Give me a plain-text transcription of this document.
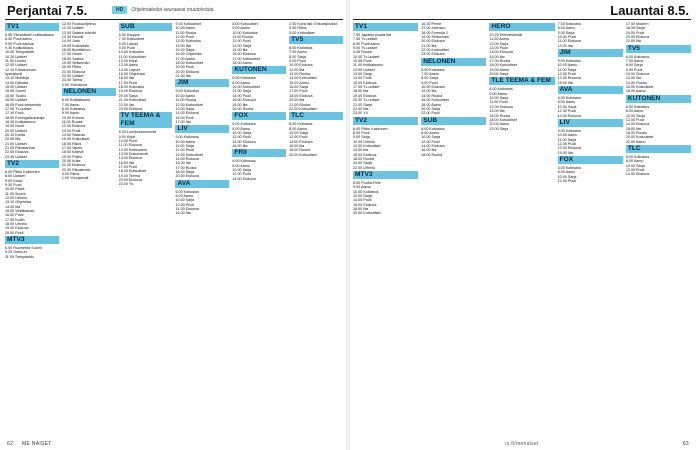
Perjantai 7.5.	HD	Ohjelmatiedot seuraavat muutoksista
TV1
5.55 Ylimmäinen uutiskatsaus
6.30 Puoli aamu
9.00 Puoli aamua
9.30 Kotikokkaus.
10.00 Tietopaketti
10.30 Uutiset
11.00 Luonto
12.00 Uutiset
12.10 Eduskunnan
kyselytunti
13.10 Muistoja
14.00 Elämää
15.00 Uutiset
15.05 Suomi
15.50 Tuokio
16.00 Uutiset
16.05 Puoli seitsemän
17.00 Tv-uutiset
17.10 Puoli
18.00 Kuningaskuluttaja
18.30 Kotikatsomo
19.00 Nuori
20.00 Uutiset
20.10 Kanta
20.55 Ilta
21.00 Uutiset
21.05 Rikostarinat
22.05 Elokuva
23.45 Uutiset
TV2
6.00 Pikku Kakkonen
8.00 Uutiset
9.00 Kausi
9.30 Puoli
10.00 Päivä
11.00 Suomi
12.00 Urheilu
13.10 Ohjelmaa
14.00 Ilta
15.00 Vinttikamari
16.00 Puoli
17.00 Kodin
18.00 Urheilu
19.00 Elokuva
20.00 Puoli
MTV3
6.00 Huomenta Suomi
9.20 Ostos-tv
11.00 Tietopankki
12.00 Ruokaohjelma
12.25 Uutiset
13.00 Salatut elämät
13.30 Kauniit
14.00 Juttu
15.00 Kotiosasto
16.00 Bumtsibum
17.00 Ostos
18.00 Salatut
19.00 Seitsemän
20.00 Pikku
21.00 Elokuva
22.00 Uutiset
23.00 Tarina
0.00 Yöelokuva
NELONEN
6.00 Kotikatsomo
7.00 Aamu
8.00 Kotiostos
9.00 Aamu
10.00 Kotona
11.00 Ruoka
12.00 Elokuva
13.00 Puoli
14.00 Salama
15.00 Kotiuutiset
16.00 Rikos
17.00 Vaimo
18.00 Kätevä
19.00 Poliisi
20.00 Kulta
21.00 Elokuva
22.30 Rikostiedot
0.00 Rikos
1.00 Yöohjelmat
SUB
6.00 Kauppa
7.00 Kotiuutiset
8.00 Lapset
9.00 Puoli
10.00 Kotiostos
11.00 Kotiuutiset
12.00 Kirjat
13.00 Aamu
14.00 Lapset
15.00 Ohjelmaa
16.00 Ilta
17.00 Puoli
18.00 Kotiostos
19.00 Elokuva
20.00 Sarja
21.00 Kotiuutiset
22.00 Ilta
23.00 Elokuva
TV TEEMA & FEM
8.00 Luontodokumentti
9.00 Kirjat
10.00 Puoli
11.00 Elokuva
12.00 Keskustelu
13.00 Dokumentti
14.00 Elokuva
16.00 Ilta
17.00 Puoli
18.00 Kotiuutiset
19.00 Teema
20.00 Elokuva
22.00 Yö
9.00 Kotiuutiset
10.00 Aamu
11.00 Ruoka
12.00 Puoli
13.00 Kotiostos
14.00 Ilta
15.00 Sarja
16.00 Ohjelmaa
17.00 Aamu
18.00 Kotiuutiset
19.00 Puoli
20.00 Elokuva
21.00 Ilta
JIM
9.00 Kotiostos
10.00 Aamu
11.00 Ruoka
12.00 Kotiuutiset
13.00 Sarja
14.00 Elokuva
16.00 Puoli
17.00 Ilta
LIV
9.00 Kotiostos
10.00 Aamu
11.00 Sarja
12.00 Puoli
13.00 Kotiuutiset
14.00 Elokuva
16.00 Ilta
17.00 Ruoka
18.00 Sarja
20.00 Elokuva
AVA
6.00 Kotiostos
8.00 Aamu
10.00 Sarja
12.00 Puoli
14.00 Elokuva
16.00 Ilta
8.00 Kotiuutiset
9.00 Aamu
10.00 Kotiostos
11.00 Ruoka
12.00 Puoli
13.00 Sarja
14.00 Ilta
15.00 Elokuva
17.00 Kotiuutiset
18.00 Aamu
KUTONEN
6.00 Kotiostos
8.00 Aamu
10.00 Kotiuutiset
12.00 Sarja
14.00 Puoli
16.00 Elokuva
18.00 Ilta
20.00 Ruoka
FOX
6.00 Kotiostos
8.00 Aamu
10.00 Sarja
12.00 Puoli
14.00 Elokuva
16.00 Ilta
FRII
6.00 Kotiostos
8.00 Aamu
10.00 Sarja
12.00 Puoli
14.00 Elokuva
2.50 Kova laki: Erikoisyksikkö
4.00 Rikos
5.00 Kotiuutiset
TV5
6.00 Kotiostos
7.00 Aamu
8.00 Sarja
9.00 Puoli
10.00 Elokuva
12.00 Ilta
13.00 Ruoka
14.00 Kotiuutiset
15.00 Aamu
16.00 Sarja
17.00 Puoli
18.00 Elokuva
20.00 Ilta
21.00 Ruoka
22.00 Kotiuutiset
TLC
6.00 Kotiostos
8.00 Aamu
10.00 Sarja
12.00 Puoli
14.00 Elokuva
16.00 Ilta
18.00 Ruoka
20.00 Kotiuutiset
62 ME NAISET
Lauantai 8.5.
TV1
7.00 Japanin puutarhat
7.55 Tv-uutiset
8.00 Puoli aamu
9.00 Tv-uutiset
9.05 Ruoka
10.00 Tv-uutiset
10.05 Puoli
11.00 Kotikatsomo
12.00 Uutiset
13.00 Sarja
14.00 Puoli
15.00 Elokuva
17.00 Tv-uutiset
18.00 Ilta
19.00 Elokuva
20.30 Tv-uutiset
21.00 Sarja
22.00 Ilta
23.00 Yö
TV2
6.00 Pikku Kakkonen
8.00 Puoli
9.00 Sarja
10.00 Urheilu
12.00 Kotiuutiset
14.00 Ilta
16.00 Elokuva
18.00 Ruoka
20.00 Sarja
22.00 Urheilu
MTV3
8.00 Puuha-Pete
9.00 Aamu
10.00 Kotiostos
12.00 Sarja
14.00 Puoli
16.00 Elokuva
18.00 Ilta
20.00 Kotiuutiset
16.30 Perhe
17.00 Joensuu
18.00 Formula 1
19.00 Seitsemän
20.00 Elokuva
21.00 Ilta
22.00 Kotiuutiset
23.00 Elokuva
NELONEN
6.00 Kotiostos
7.00 Aamu
8.00 Sarja
9.00 Puoli
10.00 Elokuva
12.00 Ilta
14.00 Ruoka
16.00 Kotiuutiset
18.00 Aamu
20.00 Sarja
22.00 Puoli
SUB
6.00 Kotiostos
8.00 Aamu
10.00 Sarja
12.00 Puoli
14.00 Elokuva
16.00 Ilta
18.00 Ruoka
HERO
10.25 Televiestinnät
11.00 Aamu
12.00 Sarja
13.00 Puoli
14.00 Elokuva
16.00 Ilta
17.00 Ruoka
18.00 Kotiuutiset
19.00 Aamu
20.00 Sarja
TLE TEEMA & FEM
8.00 Kotiostos
9.00 Aamu
10.00 Sarja
11.00 Puoli
12.00 Elokuva
14.00 Ilta
16.00 Ruoka
18.00 Kotiuutiset
20.00 Aamu
22.00 Sarja
7.00 Kotiostos
8.00 Aamu
9.00 Sarja
10.00 Puoli
11.00 Elokuva
13.00 Ilta
JIM
9.00 Kotiostos
10.00 Aamu
11.00 Sarja
12.00 Puoli
13.00 Elokuva
15.00 Ilta
AVA
6.00 Kotiostos
8.00 Aamu
10.00 Sarja
12.00 Puoli
14.00 Elokuva
LIV
9.00 Kotiostos
10.00 Aamu
11.00 Sarja
12.00 Puoli
13.00 Elokuva
15.00 Ilta
FOX
6.00 Kotiostos
8.00 Aamu
10.00 Sarja
12.00 Puoli
17.00 Modern
18.00 Sarja
19.00 Puoli
20.00 Elokuva
22.00 Ilta
TV5
6.00 Kotiostos
7.00 Aamu
8.00 Sarja
9.00 Puoli
10.00 Elokuva
12.00 Ilta
14.00 Ruoka
16.00 Kotiuutiset
18.00 Aamu
KUTONEN
6.00 Kotiostos
8.00 Aamu
10.00 Sarja
12.00 Puoli
14.00 Elokuva
16.00 Ilta
18.00 Ruoka
20.00 Kotiuutiset
22.00 Aamu
TLC
6.00 Kotiostos
8.00 Aamu
10.00 Sarja
12.00 Puoli
14.00 Elokuva
is.fi/menaiset	63
